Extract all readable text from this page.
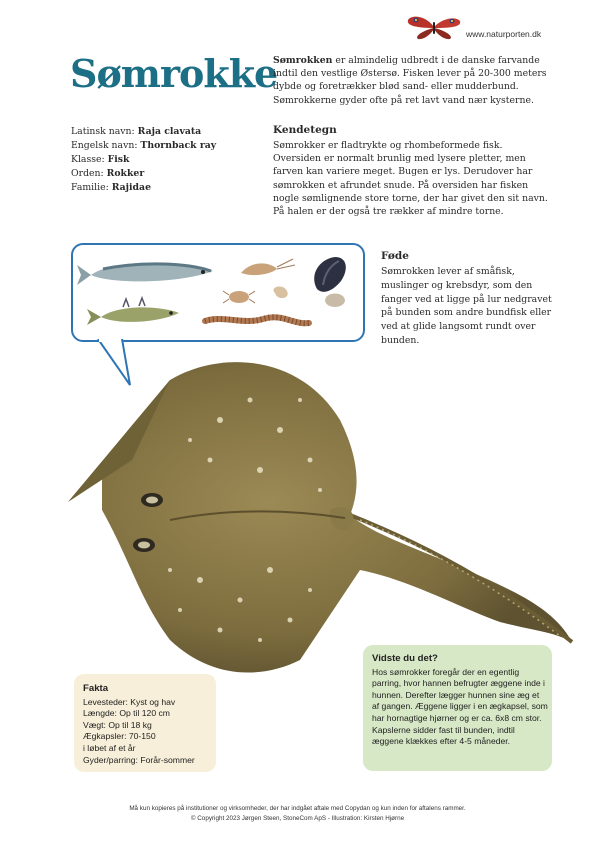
www.naturporten.dk
Sømrokke
Sømrokken er almindelig udbredt i de danske farvande indtil den vestlige Østersø. Fisken lever på 20-300 meters dybde og foretrækker blød sand- eller mudderbund. Sømrokkerne gyder ofte på ret lavt vand nær kysterne.
Latinsk navn: Raja clavata
Engelsk navn: Thornback ray
Klasse: Fisk
Orden: Rokker
Familie: Rajidae
Kendetegn
Sømrokker er fladtrykte og rhombeformede fisk. Oversiden er normalt brunlig med lysere pletter, men farven kan variere meget. Bugen er lys. Derudover har sømrokken et afrundet snude. På oversiden har fisken nogle sømlignende store torne, der har givet den sit navn. På halen er der også tre rækker af mindre torne.
Føde
Sømrokken lever af småfisk, muslinger og krebsdyr, som den fanger ved at ligge på lur nedgravet på bunden som andre bundfisk eller ved at glide langsomt rundt over bunden.
Fakta
Levesteder: Kyst og hav
Længde: Op til 120 cm
Vægt: Op til 18 kg
Ægkapsler: 70-150
i løbet af et år
Gyder/parring: Forår-sommer
Vidste du det?
Hos sømrokker foregår der en egentlig parring, hvor hannen befrugter æggene inde i hunnen. Derefter lægger hunnen sine æg et af gangen. Æggene ligger i en ægkapsel, som har hornagtige hjørner og er ca. 6x8 cm stor. Kapslerne sidder fast til bunden, indtil æggene klækkes efter 4-5 måneder.
Må kun kopieres på institutioner og virksomheder, der har indgået aftale med Copydan og kun inden for aftalens rammer.
© Copyright 2023 Jørgen Steen, StoneCom ApS - Illustration: Kirsten Hjørne
